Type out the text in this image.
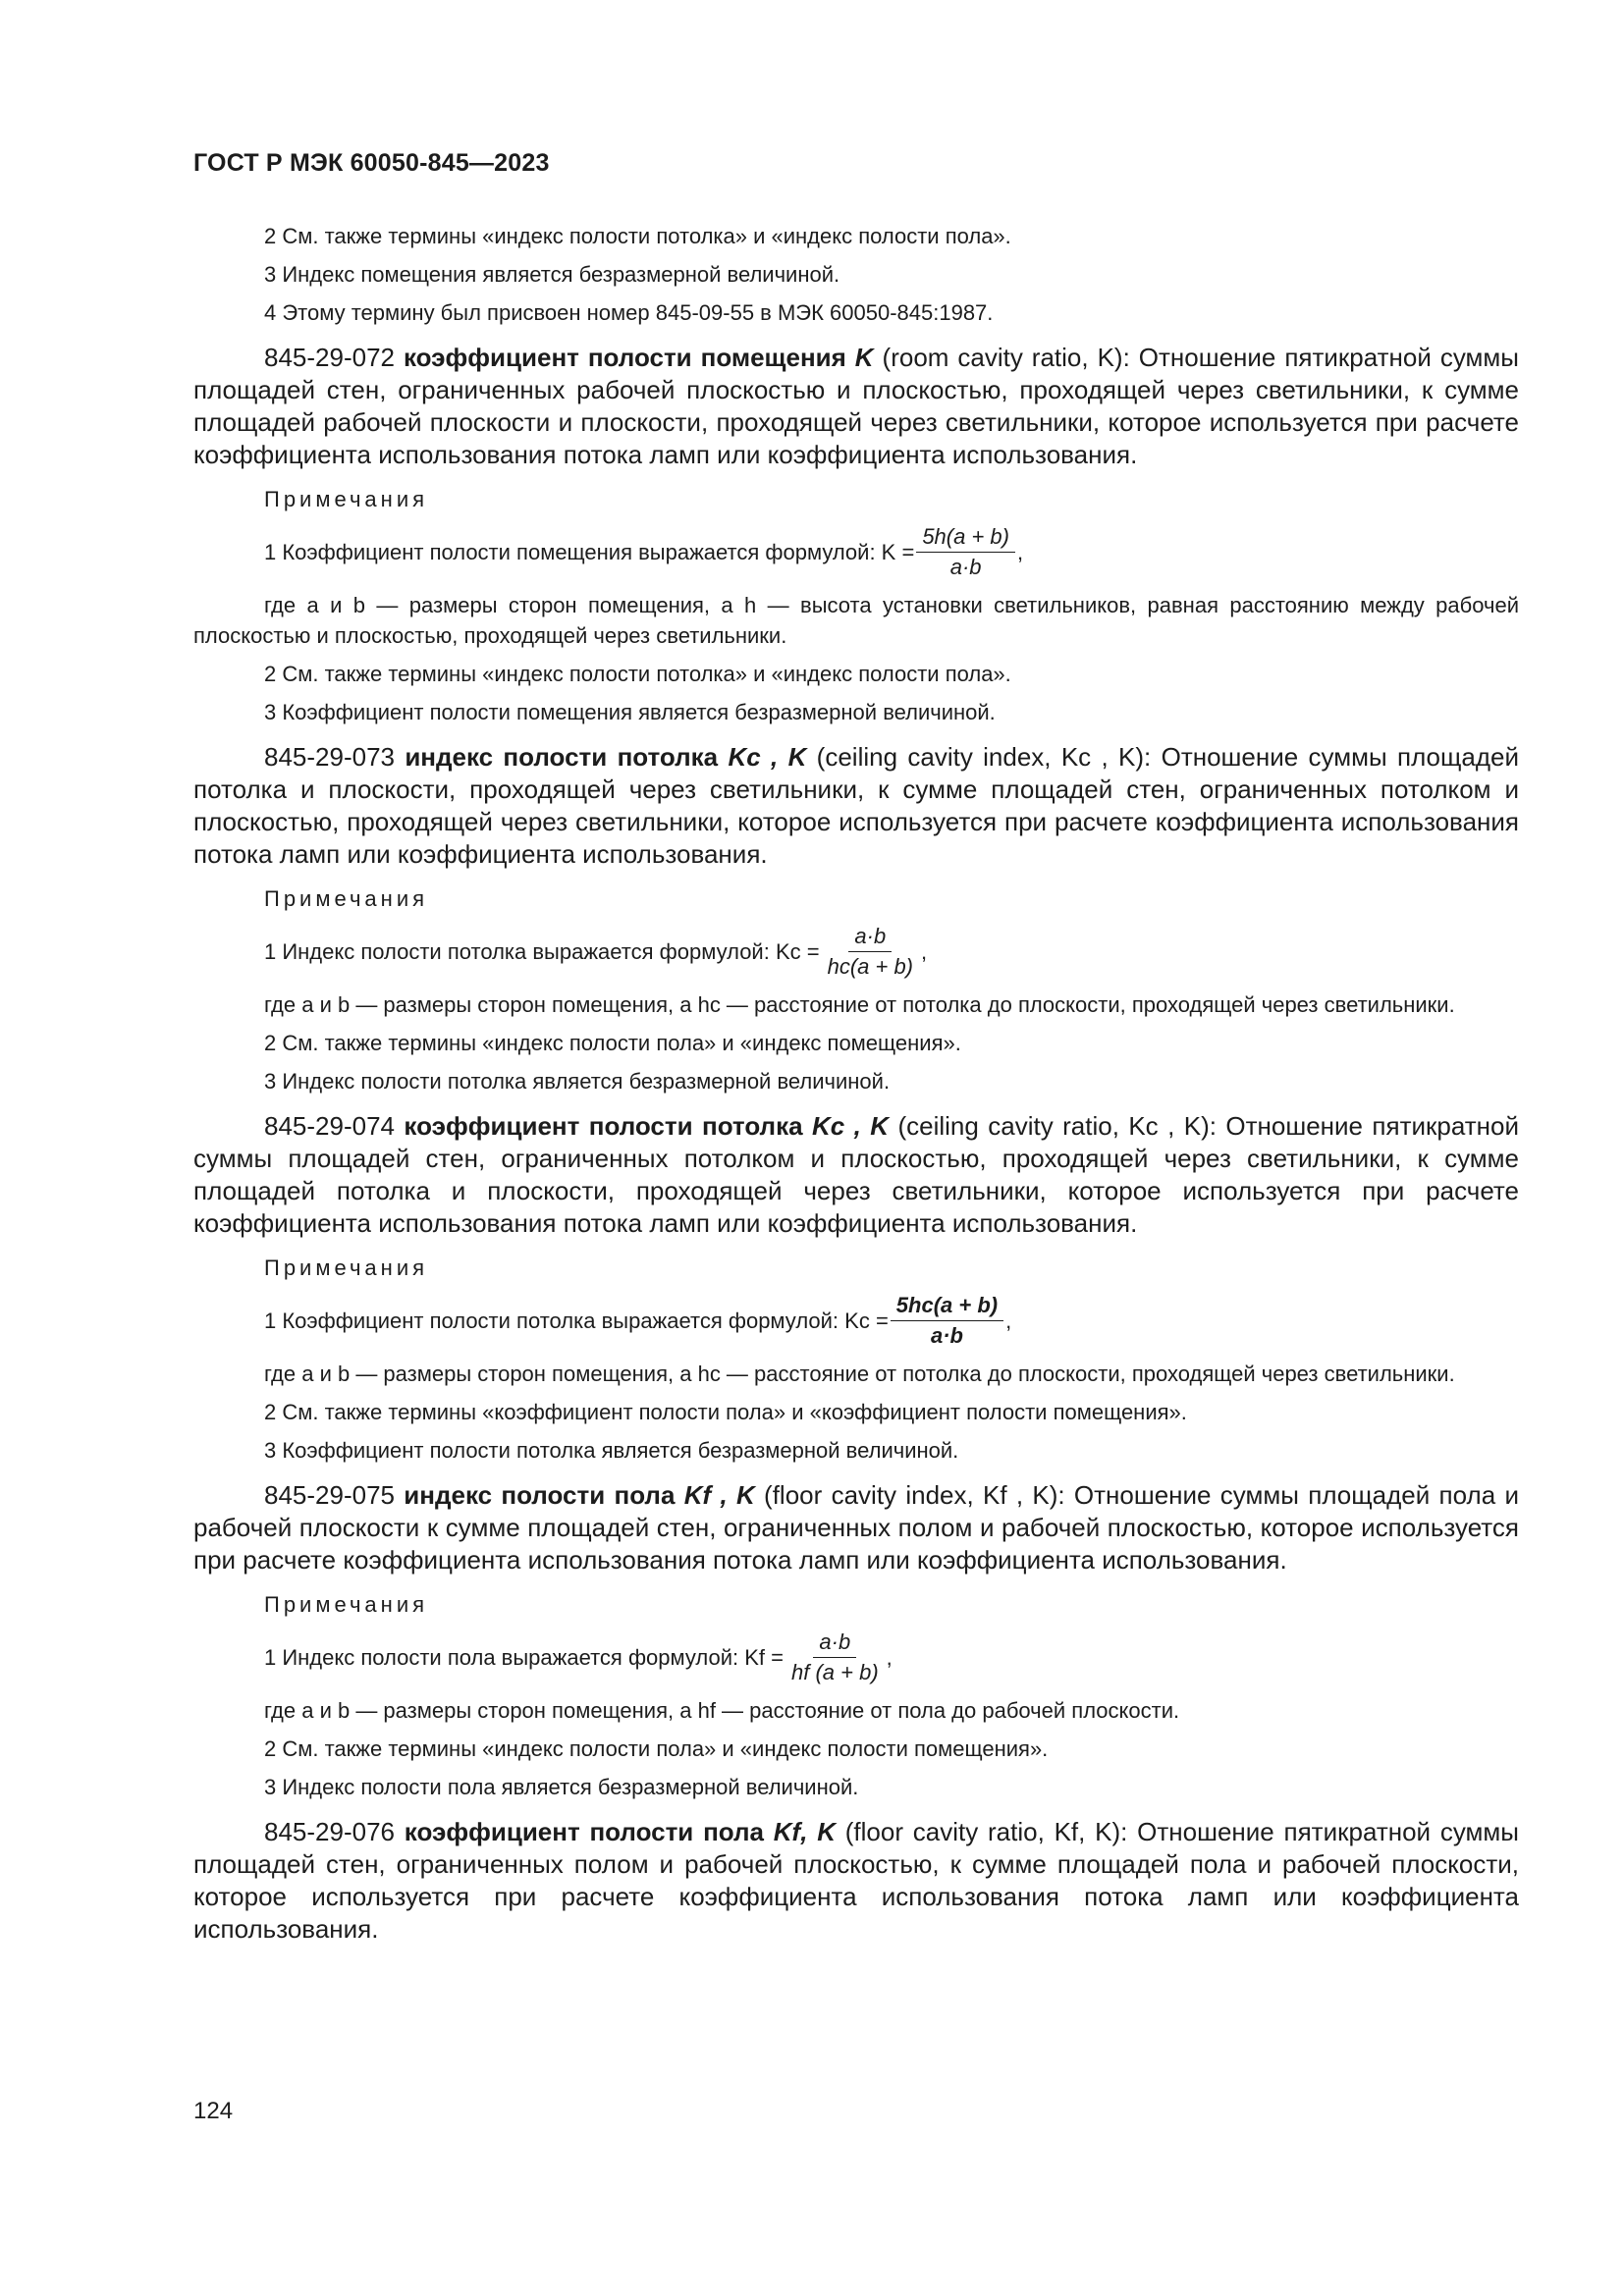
ГОСТ Р МЭК 60050-845—2023

2 См. также термины «индекс полости потолка» и «индекс полости пола».

3 Индекс помещения является безразмерной величиной.

4 Этому термину был присвоен номер 845-09-55 в МЭК 60050-845:1987.

845-29-072 коэффициент полости помещения K (room cavity ratio, K): Отношение пятикратной суммы площадей стен, ограниченных рабочей плоскостью и плоскостью, проходящей через светильники, к сумме площадей рабочей плоскости и плоскости, проходящей через светильники, которое используется при расчете коэффициента использования потока ламп или коэффициента использования.

Примечания

1 Коэффициент полости помещения выражается формулой: $K = \frac{5h(a + b)}{a\cdot b}$ ,

где a и b — размеры сторон помещения, а h — высота установки светильников, равная расстоянию между рабочей плоскостью и плоскостью, проходящей через светильники.

2 См. также термины «индекс полости потолка» и «индекс полости пола».

3 Коэффициент полости помещения является безразмерной величиной.

845-29-073 индекс полости потолка Kc , K (ceiling cavity index, Kc , K): Отношение суммы площадей потолка и плоскости, проходящей через светильники, к сумме площадей стен, ограниченных потолком и плоскостью, проходящей через светильники, которое используется при расчете коэффициента использования потока ламп или коэффициента использования.

Примечания

1 Индекс полости потолка выражается формулой: $Kc = \frac{a\cdot b}{hc(a + b)}$ ,

где a и b — размеры сторон помещения, а hc — расстояние от потолка до плоскости, проходящей через светильники.

2 См. также термины «индекс полости пола» и «индекс помещения».

3 Индекс полости потолка является безразмерной величиной.

845-29-074 коэффициент полости потолка Kc , K (ceiling cavity ratio, Kc , K): Отношение пятикратной суммы площадей стен, ограниченных потолком и плоскостью, проходящей через светильники, к сумме площадей потолка и плоскости, проходящей через светильники, которое используется при расчете коэффициента использования потока ламп или коэффициента использования.

Примечания

1 Коэффициент полости потолка выражается формулой: $Kc = \frac{5hc(a + b)}{a\cdot b}$ ,

где a и b — размеры сторон помещения, а hc — расстояние от потолка до плоскости, проходящей через светильники.

2 См. также термины «коэффициент полости пола» и «коэффициент полости помещения».

3 Коэффициент полости потолка является безразмерной величиной.

845-29-075 индекс полости пола Kf , K (floor cavity index, Kf , K): Отношение суммы площадей пола и рабочей плоскости к сумме площадей стен, ограниченных полом и рабочей плоскостью, которое используется при расчете коэффициента использования потока ламп или коэффициента использования.

Примечания

1 Индекс полости пола выражается формулой: $Kf = \frac{a\cdot b}{hf (a + b)}$ ,

где a и b — размеры сторон помещения, а hf — расстояние от пола до рабочей плоскости.

2 См. также термины «индекс полости пола» и «индекс полости помещения».

3 Индекс полости пола является безразмерной величиной.

845-29-076 коэффициент полости пола Kf, K (floor cavity ratio, Kf, K): Отношение пятикратной суммы площадей стен, ограниченных полом и рабочей плоскостью, к сумме площадей пола и рабочей плоскости, которое используется при расчете коэффициента использования потока ламп или коэффициента использования.

124
